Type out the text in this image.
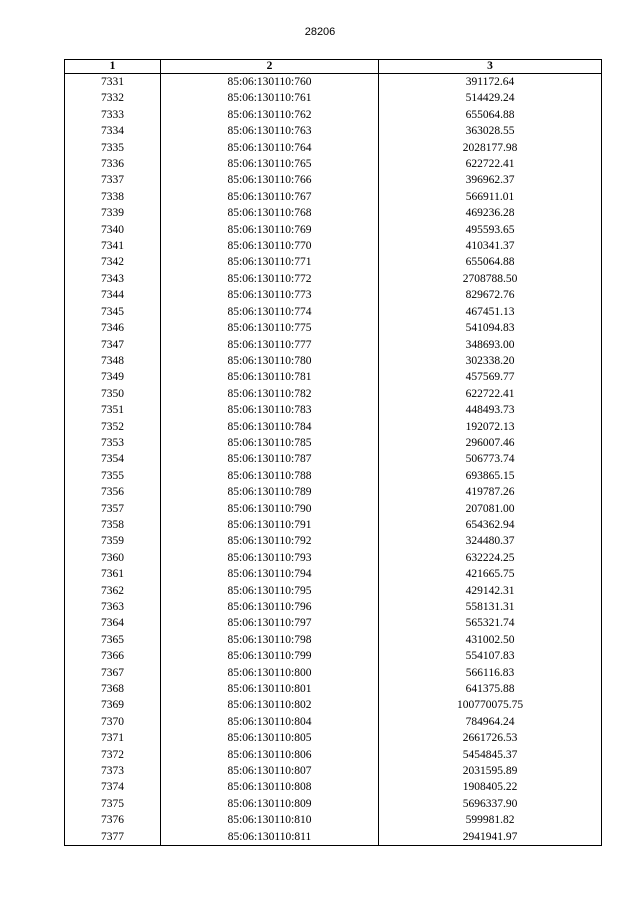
28206
1	2	3
7331	85:06:130110:760	391172.64
7332	85:06:130110:761	514429.24
7333	85:06:130110:762	655064.88
7334	85:06:130110:763	363028.55
7335	85:06:130110:764	2028177.98
7336	85:06:130110:765	622722.41
7337	85:06:130110:766	396962.37
7338	85:06:130110:767	566911.01
7339	85:06:130110:768	469236.28
7340	85:06:130110:769	495593.65
7341	85:06:130110:770	410341.37
7342	85:06:130110:771	655064.88
7343	85:06:130110:772	2708788.50
7344	85:06:130110:773	829672.76
7345	85:06:130110:774	467451.13
7346	85:06:130110:775	541094.83
7347	85:06:130110:777	348693.00
7348	85:06:130110:780	302338.20
7349	85:06:130110:781	457569.77
7350	85:06:130110:782	622722.41
7351	85:06:130110:783	448493.73
7352	85:06:130110:784	192072.13
7353	85:06:130110:785	296007.46
7354	85:06:130110:787	506773.74
7355	85:06:130110:788	693865.15
7356	85:06:130110:789	419787.26
7357	85:06:130110:790	207081.00
7358	85:06:130110:791	654362.94
7359	85:06:130110:792	324480.37
7360	85:06:130110:793	632224.25
7361	85:06:130110:794	421665.75
7362	85:06:130110:795	429142.31
7363	85:06:130110:796	558131.31
7364	85:06:130110:797	565321.74
7365	85:06:130110:798	431002.50
7366	85:06:130110:799	554107.83
7367	85:06:130110:800	566116.83
7368	85:06:130110:801	641375.88
7369	85:06:130110:802	100770075.75
7370	85:06:130110:804	784964.24
7371	85:06:130110:805	2661726.53
7372	85:06:130110:806	5454845.37
7373	85:06:130110:807	2031595.89
7374	85:06:130110:808	1908405.22
7375	85:06:130110:809	5696337.90
7376	85:06:130110:810	599981.82
7377	85:06:130110:811	2941941.97
